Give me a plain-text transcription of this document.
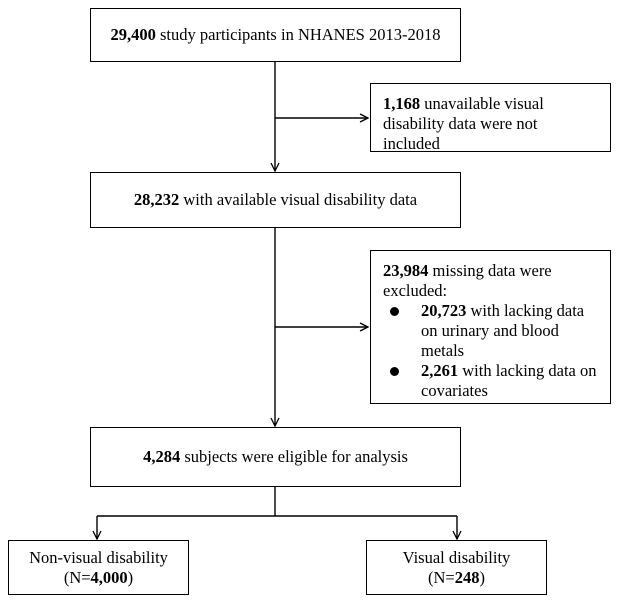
29,400 study participants in NHANES 2013-2018
1,168 unavailable visual disability data were not included
28,232 with available visual disability data
23,984 missing data were excluded:
20,723 with lacking data on urinary and blood metals
2,261 with lacking data on covariates
4,284 subjects were eligible for analysis
Non-visual disability
(N=4,000)
Visual disability
(N=248)
